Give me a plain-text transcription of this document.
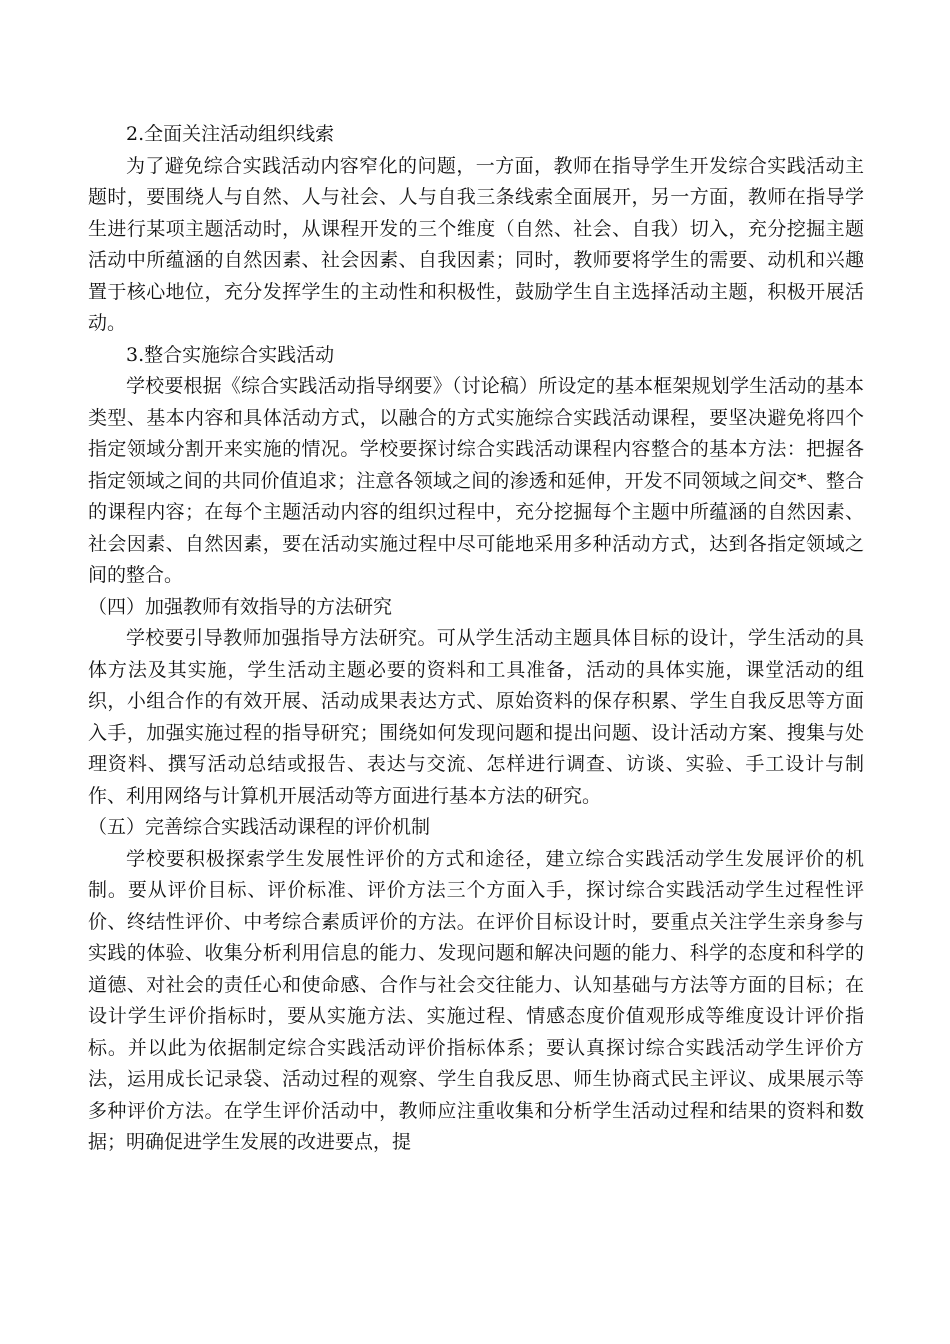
2.全面关注活动组织线索

为了避免综合实践活动内容窄化的问题，一方面，教师在指导学生开发综合实践活动主题时，要围绕人与自然、人与社会、人与自我三条线索全面展开，另一方面，教师在指导学生进行某项主题活动时，从课程开发的三个维度（自然、社会、自我）切入，充分挖掘主题活动中所蕴涵的自然因素、社会因素、自我因素；同时，教师要将学生的需要、动机和兴趣置于核心地位，充分发挥学生的主动性和积极性，鼓励学生自主选择活动主题，积极开展活动。

3.整合实施综合实践活动

学校要根据《综合实践活动指导纲要》（讨论稿）所设定的基本框架规划学生活动的基本类型、基本内容和具体活动方式，以融合的方式实施综合实践活动课程，要坚决避免将四个指定领域分割开来实施的情况。学校要探讨综合实践活动课程内容整合的基本方法：把握各指定领域之间的共同价值追求；注意各领域之间的渗透和延伸，开发不同领域之间交*、整合的课程内容；在每个主题活动内容的组织过程中，充分挖掘每个主题中所蕴涵的自然因素、社会因素、自然因素，要在活动实施过程中尽可能地采用多种活动方式，达到各指定领域之间的整合。

（四）加强教师有效指导的方法研究

学校要引导教师加强指导方法研究。可从学生活动主题具体目标的设计，学生活动的具体方法及其实施，学生活动主题必要的资料和工具准备，活动的具体实施，课堂活动的组织，小组合作的有效开展、活动成果表达方式、原始资料的保存积累、学生自我反思等方面入手，加强实施过程的指导研究；围绕如何发现问题和提出问题、设计活动方案、搜集与处理资料、撰写活动总结或报告、表达与交流、怎样进行调查、访谈、实验、手工设计与制作、利用网络与计算机开展活动等方面进行基本方法的研究。

（五）完善综合实践活动课程的评价机制

学校要积极探索学生发展性评价的方式和途径，建立综合实践活动学生发展评价的机制。要从评价目标、评价标准、评价方法三个方面入手，探讨综合实践活动学生过程性评价、终结性评价、中考综合素质评价的方法。在评价目标设计时，要重点关注学生亲身参与实践的体验、收集分析利用信息的能力、发现问题和解决问题的能力、科学的态度和科学的道德、对社会的责任心和使命感、合作与社会交往能力、认知基础与方法等方面的目标；在设计学生评价指标时，要从实施方法、实施过程、情感态度价值观形成等维度设计评价指标。并以此为依据制定综合实践活动评价指标体系；要认真探讨综合实践活动学生评价方法，运用成长记录袋、活动过程的观察、学生自我反思、师生协商式民主评议、成果展示等多种评价方法。在学生评价活动中，教师应注重收集和分析学生活动过程和结果的资料和数据；明确促进学生发展的改进要点，提
